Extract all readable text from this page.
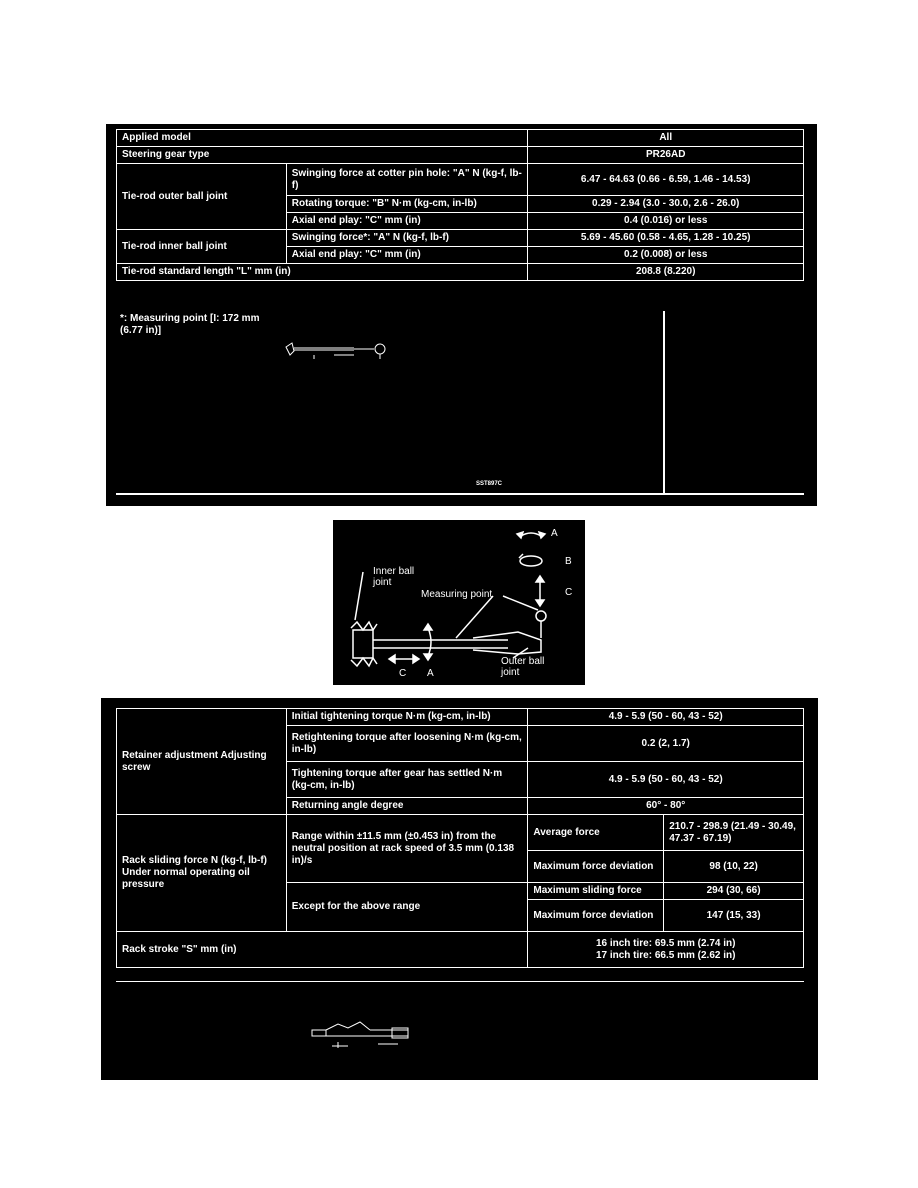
Applied model		All
Steering gear type		PR26AD
Tie-rod outer ball joint	Swinging force at cotter pin hole: "A" N (kg-f, lb-f)	6.47 - 64.63 (0.66 - 6.59, 1.46 - 14.53)
	Rotating torque: "B" N·m (kg-cm, in-lb)	0.29 - 2.94 (3.0 - 30.0, 2.6 - 26.0)
	Axial end play: "C" mm (in)	0.4 (0.016) or less
Tie-rod inner ball joint	Swinging force*: "A" N (kg-f, lb-f)	5.69 - 45.60 (0.58 - 4.65, 1.28 - 10.25)
	Axial end play: "C" mm (in)	0.2 (0.008) or less
Tie-rod standard length "L" mm (in)		208.8 (8.220)
*: Measuring point [I: 172 mm (6.77 in)]
SST897C
A
B
C
Inner ball joint
Measuring point
Outer ball joint
C A
Retainer adjustment Adjusting screw	Initial tightening torque N·m (kg-cm, in-lb)	4.9 - 5.9 (50 - 60, 43 - 52)	
	Retightening torque after loosening N·m (kg-cm, in-lb)	0.2 (2, 1.7)	
	Tightening torque after gear has settled N·m (kg-cm, in-lb)	4.9 - 5.9 (50 - 60, 43 - 52)	
	Returning angle degree	60° - 80°	
Rack sliding force N (kg-f, lb-f) Under normal operating oil pressure	Range within ±11.5 mm (±0.453 in) from the neutral position at rack speed of 3.5 mm (0.138 in)/s	Average force	210.7 - 298.9 (21.49 - 30.49, 47.37 - 67.19)
		Maximum force deviation	98 (10, 22)
	Except for the above range	Maximum sliding force	294 (30, 66)
		Maximum force deviation	147 (15, 33)
Rack stroke "S" mm (in)		16 inch tire: 69.5 mm (2.74 in)
17 inch tire: 66.5 mm (2.62 in)	
